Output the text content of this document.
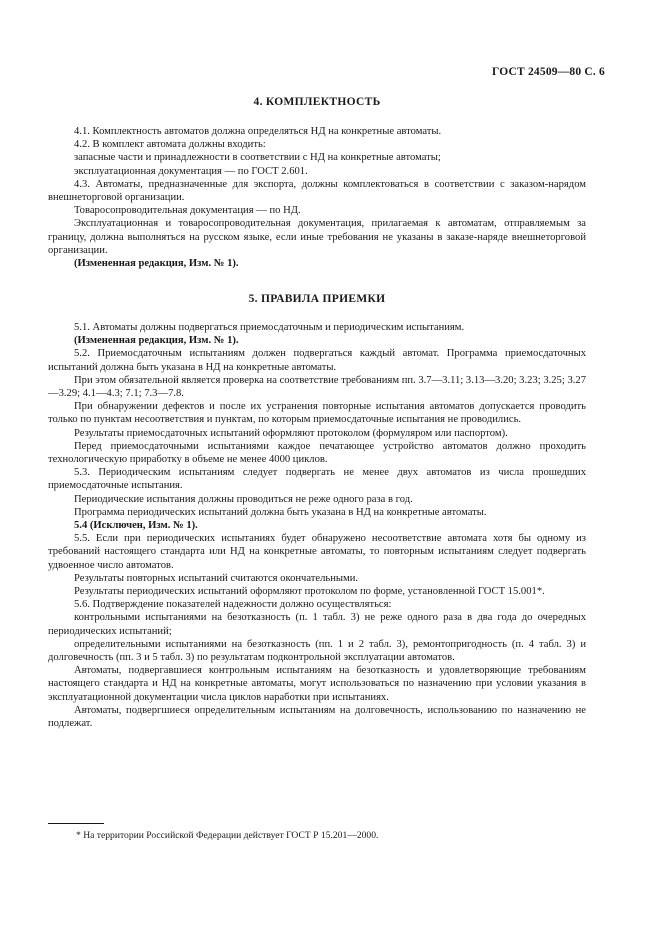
ГОСТ 24509—80 С. 6
4. КОМПЛЕКТНОСТЬ

4.1. Комплектность автоматов должна определяться НД на конкретные автоматы.

4.2. В комплект автомата должны входить:

запасные части и принадлежности в соответствии с НД на конкретные автоматы;

эксплуатационная документация — по ГОСТ 2.601.

4.3. Автоматы, предназначенные для экспорта, должны комплектоваться в соответствии с заказом-нарядом внешнеторговой организации.

Товаросопроводительная документация — по НД.

Эксплуатационная и товаросопроводительная документация, прилагаемая к автоматам, отправляемым за границу, должна выполняться на русском языке, если иные требования не указаны в заказе-наряде внешнеторговой организации.

(Измененная редакция, Изм. № 1).

5. ПРАВИЛА ПРИЕМКИ

5.1. Автоматы должны подвергаться приемосдаточным и периодическим испытаниям.

(Измененная редакция, Изм. № 1).

5.2. Приемосдаточным испытаниям должен подвергаться каждый автомат. Программа приемосдаточных испытаний должна быть указана в НД на конкретные автоматы.

При этом обязательной является проверка на соответствие требованиям пп. 3.7—3.11; 3.13—3.20; 3.23; 3.25; 3.27—3.29; 4.1—4.3; 7.1; 7.3—7.8.

При обнаружении дефектов и после их устранения повторные испытания автоматов допускается проводить только по пунктам несоответствия и пунктам, по которым приемосдаточные испытания не проводились.

Результаты приемосдаточных испытаний оформляют протоколом (формуляром или паспортом).

Перед приемосдаточными испытаниями каждое печатающее устройство автоматов должно проходить технологическую приработку в объеме не менее 4000 циклов.

5.3. Периодическим испытаниям следует подвергать не менее двух автоматов из числа прошедших приемосдаточные испытания.

Периодические испытания должны проводиться не реже одного раза в год.

Программа периодических испытаний должна быть указана в НД на конкретные автоматы.

5.4 (Исключен, Изм. № 1).

5.5. Если при периодических испытаниях будет обнаружено несоответствие автомата хотя бы одному из требований настоящего стандарта или НД на конкретные автоматы, то повторным испытаниям следует подвергать удвоенное число автоматов.

Результаты повторных испытаний считаются окончательными.

Результаты периодических испытаний оформляют протоколом по форме, установленной ГОСТ 15.001*.

5.6. Подтверждение показателей надежности должно осуществляться:

контрольными испытаниями на безотказность (п. 1 табл. 3) не реже одного раза в два года до очередных периодических испытаний;

определительными испытаниями на безотказность (пп. 1 и 2 табл. 3), ремонтопригодность (п. 4 табл. 3) и долговечность (пп. 3 и 5 табл. 3) по результатам подконтрольной эксплуатации автоматов.

Автоматы, подвергавшиеся контрольным испытаниям на безотказность и удовлетворяющие требованиям настоящего стандарта и НД на конкретные автоматы, могут использоваться по назначению при условии указания в эксплуатационной документации числа циклов наработки при испытаниях.

Автоматы, подвергшиеся определительным испытаниям на долговечность, использованию по назначению не подлежат.

* На территории Российской Федерации действует ГОСТ Р 15.201—2000.
